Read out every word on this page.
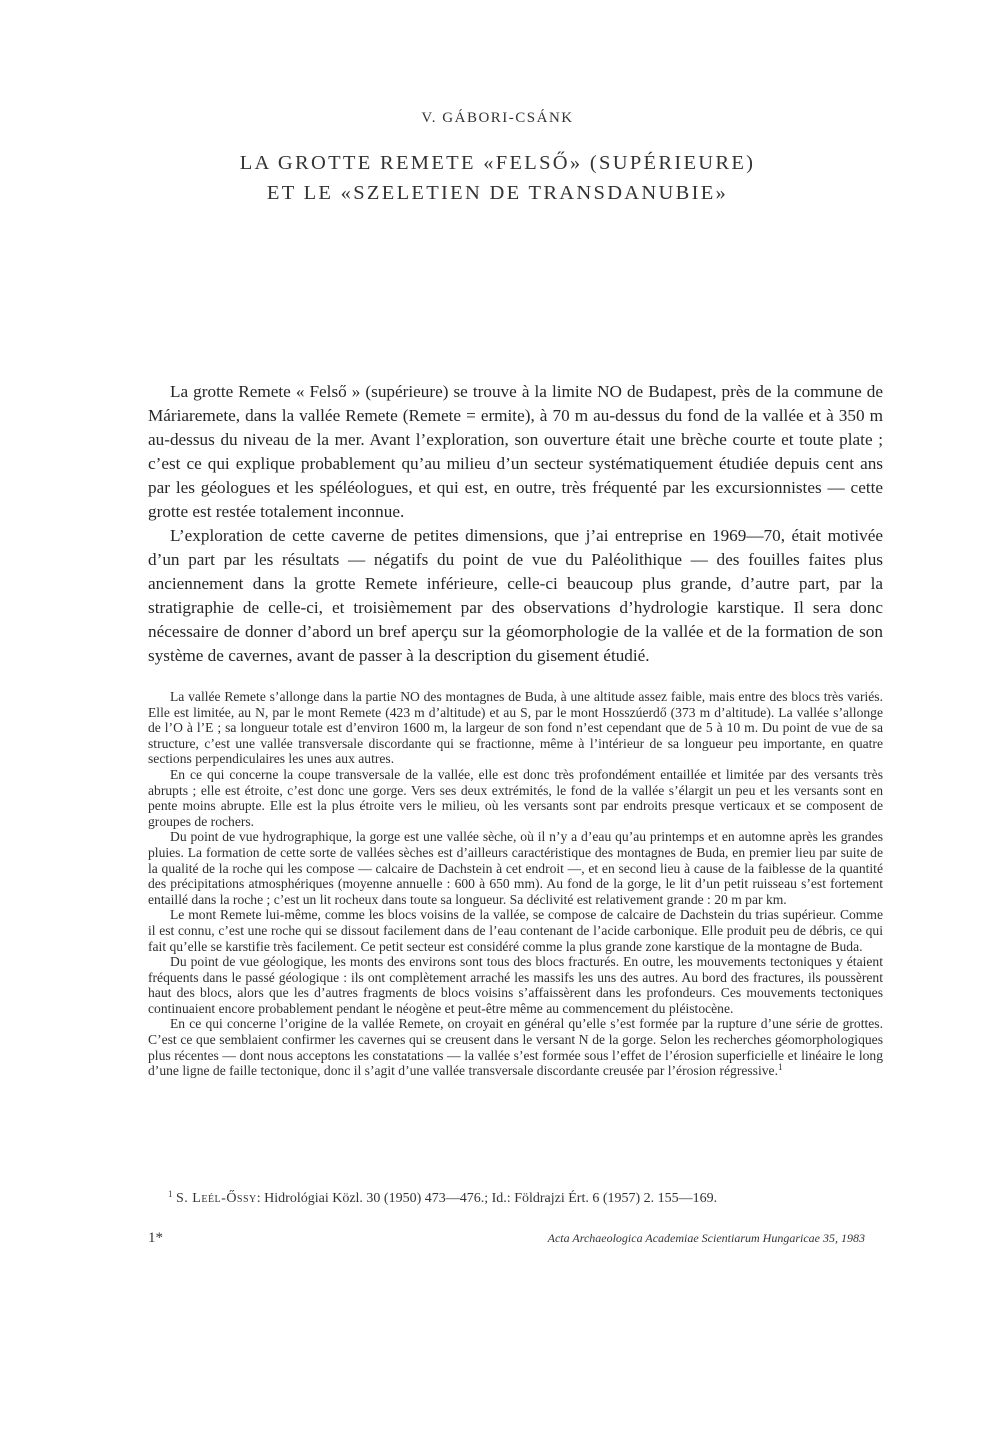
V. GÁBORI-CSÁNK
LA GROTTE REMETE «FELSŐ» (SUPÉRIEURE)
ET LE «SZELETIEN DE TRANSDANUBIE»

La grotte Remete « Felső » (supérieure) se trouve à la limite NO de Budapest, près de la commune de Máriaremete, dans la vallée Remete (Remete = ermite), à 70 m au-dessus du fond de la vallée et à 350 m au-dessus du niveau de la mer. Avant l’exploration, son ouverture était une brèche courte et toute plate ; c’est ce qui explique probablement qu’au milieu d’un secteur systématiquement étudiée depuis cent ans par les géologues et les spéléologues, et qui est, en outre, très fréquenté par les excursionnistes — cette grotte est restée totalement inconnue.

L’exploration de cette caverne de petites dimensions, que j’ai entreprise en 1969—70, était motivée d’un part par les résultats — négatifs du point de vue du Paléolithique — des fouilles faites plus anciennement dans la grotte Remete inférieure, celle-ci beaucoup plus grande, d’autre part, par la stratigraphie de celle-ci, et troisièmement par des observations d’hydrologie karstique. Il sera donc nécessaire de donner d’abord un bref aperçu sur la géomorphologie de la vallée et de la formation de son système de cavernes, avant de passer à la description du gisement étudié.

La vallée Remete s’allonge dans la partie NO des montagnes de Buda, à une altitude assez faible, mais entre des blocs très variés. Elle est limitée, au N, par le mont Remete (423 m d’altitude) et au S, par le mont Hosszúerdő (373 m d’altitude). La vallée s’allonge de l’O à l’E ; sa longueur totale est d’environ 1600 m, la largeur de son fond n’est cependant que de 5 à 10 m. Du point de vue de sa structure, c’est une vallée transversale discordante qui se fractionne, même à l’intérieur de sa longueur peu importante, en quatre sections perpendiculaires les unes aux autres.

En ce qui concerne la coupe transversale de la vallée, elle est donc très profondément entaillée et limitée par des versants très abrupts ; elle est étroite, c’est donc une gorge. Vers ses deux extrémités, le fond de la vallée s’élargit un peu et les versants sont en pente moins abrupte. Elle est la plus étroite vers le milieu, où les versants sont par endroits presque verticaux et se composent de groupes de rochers.

Du point de vue hydrographique, la gorge est une vallée sèche, où il n’y a d’eau qu’au printemps et en automne après les grandes pluies. La formation de cette sorte de vallées sèches est d’ailleurs caractéristique des montagnes de Buda, en premier lieu par suite de la qualité de la roche qui les compose — calcaire de Dachstein à cet endroit —, et en second lieu à cause de la faiblesse de la quantité des précipitations atmosphériques (moyenne annuelle : 600 à 650 mm). Au fond de la gorge, le lit d’un petit ruisseau s’est fortement entaillé dans la roche ; c’est un lit rocheux dans toute sa longueur. Sa déclivité est relativement grande : 20 m par km.

Le mont Remete lui-même, comme les blocs voisins de la vallée, se compose de calcaire de Dachstein du trias supérieur. Comme il est connu, c’est une roche qui se dissout facilement dans de l’eau contenant de l’acide carbonique. Elle produit peu de débris, ce qui fait qu’elle se karstifie très facilement. Ce petit secteur est considéré comme la plus grande zone karstique de la montagne de Buda.

Du point de vue géologique, les monts des environs sont tous des blocs fracturés. En outre, les mouvements tectoniques y étaient fréquents dans le passé géologique : ils ont complètement arraché les massifs les uns des autres. Au bord des fractures, ils poussèrent haut des blocs, alors que les d’autres fragments de blocs voisins s’affaissèrent dans les profondeurs. Ces mouvements tectoniques continuaient encore probablement pendant le néogène et peut-être même au commencement du pléistocène.

En ce qui concerne l’origine de la vallée Remete, on croyait en général qu’elle s’est formée par la rupture d’une série de grottes. C’est ce que semblaient confirmer les cavernes qui se creusent dans le versant N de la gorge. Selon les recherches géomorphologiques plus récentes — dont nous acceptons les constatations — la vallée s’est formée sous l’effet de l’érosion superficielle et linéaire le long d’une ligne de faille tectonique, donc il s’agit d’une vallée transversale discordante creusée par l’érosion régressive.$^1$

$^1$ S. Leél-Őssy: Hidrológiai Közl. 30 (1950) 473—476.; Id.: Földrajzi Ért. 6 (1957) 2. 155—169.
1*	Acta Archaeologica Academiae Scientiarum Hungaricae 35, 1983
